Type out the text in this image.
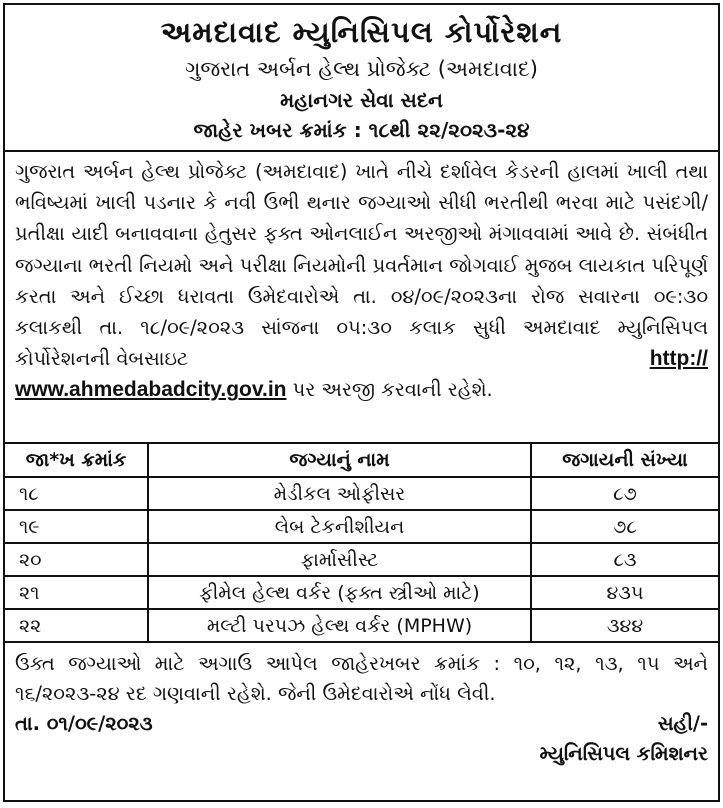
અમદાવાદ મ્યુનિસિપલ કોર્પોરેશન
ગુજરાત અર્બન હેલ્થ પ્રોજેક્ટ (અમદાવાદ)
મહાનગર સેવા સદન
જાહેર ખબર ક્રમાંક : ૧૮થી ૨૨/૨૦૨૩-૨૪
ગુજરાત અર્બન હેલ્થ પ્રોજેક્ટ (અમદાવાદ) ખાતે નીચે દર્શાવેલ કેડરની હાલમાં ખાલી તથા ભવિષ્યમાં ખાલી પડનાર કે નવી ઉભી થનાર જગ્યાઓ સીધી ભરતીથી ભરવા માટે પસંદગી/પ્રતીક્ષા યાદી બનાવવાના હેતુસર ફક્ત ઓનલાઈન અરજીઓ મંગાવવામાં આવે છે. સંબંધીત જગ્યાના ભરતી નિયમો અને પરીક્ષા નિયમોની પ્રવર્તમાન જોગવાઈ મુજબ લાયકાત પરિપૂર્ણ કરતા અને ઈચ્છા ધરાવતા ઉમેદવારોએ તા. ૦૪/૦૯/૨૦૨૩ના રોજ સવારના ૦૯:૩૦ કલાકથી તા. ૧૮/૦૯/૨૦૨૩ સાંજના ૦૫:૩૦ કલાક સુધી અમદાવાદ મ્યુનિસિપલ કોર્પોરેશનની વેબસાઇટ	http://

www.ahmedabadcity.gov.in પર અરજી કરવાની રહેશે.
જા*ખ ક્રમાંક	જગ્યાનું નામ	જગાયની સંખ્યા
૧૮	મેડીકલ ઓફીસર	૮૭
૧૯	લેબ ટેકનીશીયન	૭૮
૨૦	ફાર્માસીસ્ટ	૮૩
૨૧	ફીમેલ હેલ્થ વર્કર (ફક્ત સ્ત્રીઓ માટે)	૪૩૫
૨૨	મલ્ટી પરપઝ હેલ્થ વર્કર (MPHW)	૩૪૪
ઉક્ત જગ્યાઓ માટે અગાઉ આપેલ જાહેરખબર ક્રમાંક : ૧૦, ૧૨, ૧૩, ૧૫ અને ૧૬/૨૦૨૩-૨૪ રદ ગણવાની રહેશે. જેની ઉમેદવારોએ નોંધ લેવી.
તા. ૦૧/૦૯/૨૦૨૩	સહી/-
મ્યુનિસિપલ કમિશનર
